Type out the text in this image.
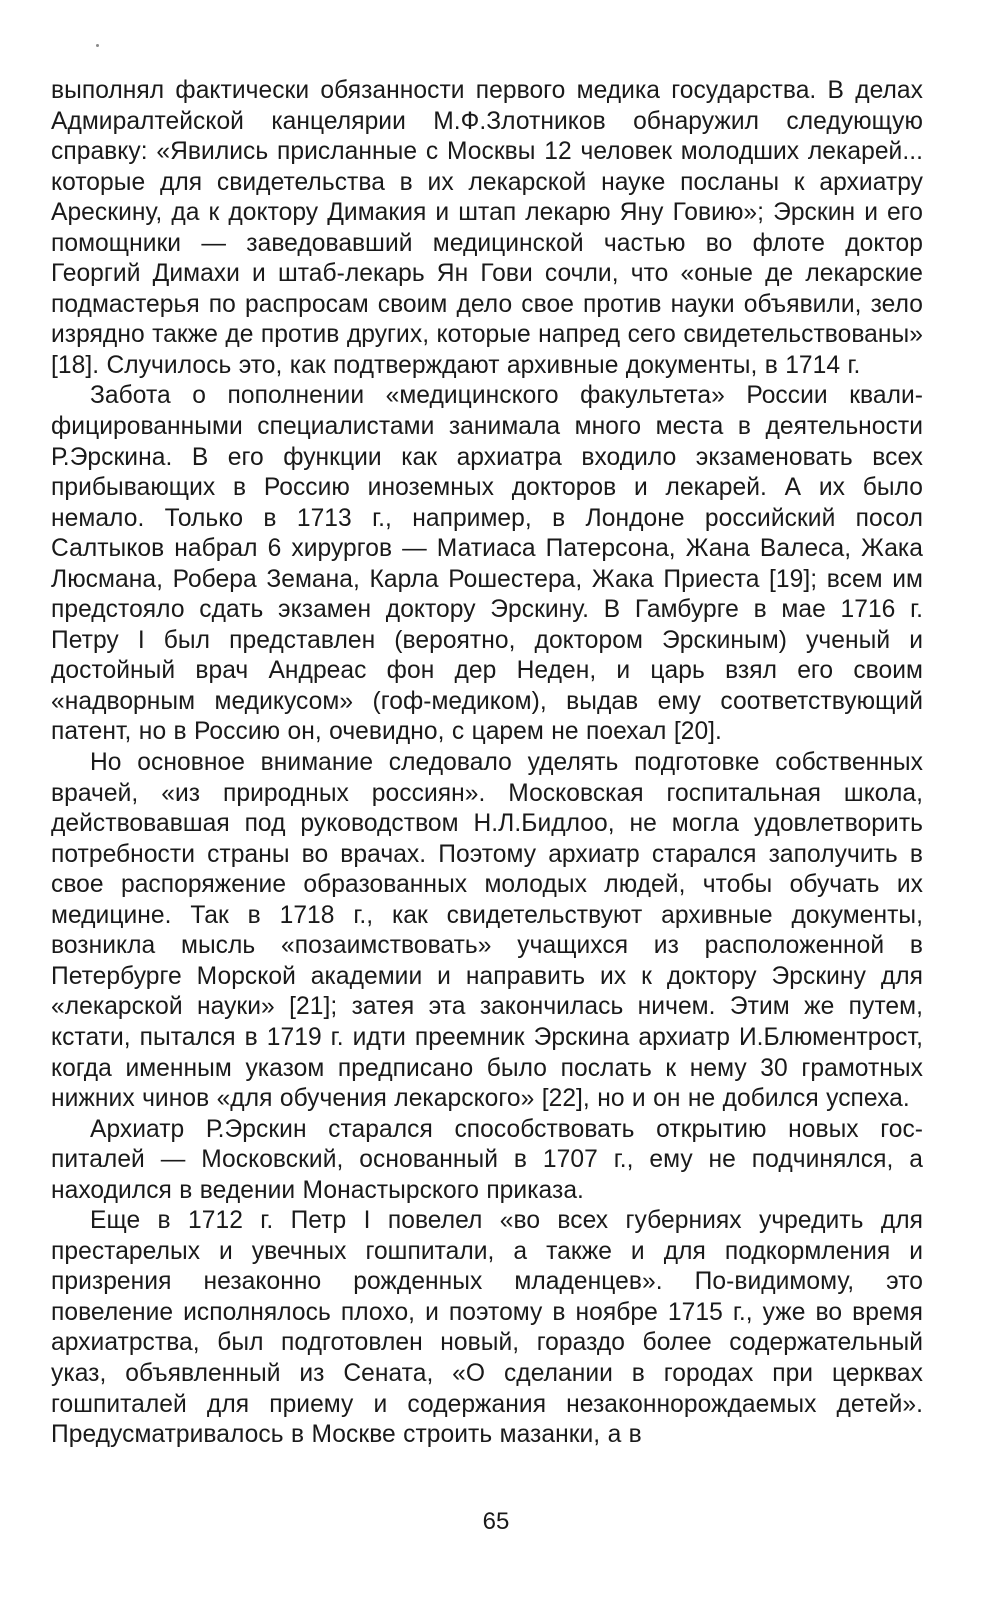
выполнял фактически обязанности первого медика государства. В делах Адмиралтейской канцелярии М.Ф.Злотников обнаружил следующую справку: «Явились присланные с Москвы 12 человек молодших лекарей... которые для свидетельства в их лекарской науке посланы к архиатру Арескину, да к доктору Димакия и штап лекарю Яну Говию»; Эрскин и его помощники — заведовавший медицинской частью во флоте доктор Георгий Димахи и штаб-лекарь Ян Гови сочли, что «оные де лекарские подмастерья по распросам своим дело свое против науки объявили, зело изрядно также де против других, которые напред сего свидетельствованы» [18]. Случилось это, как подтверждают архивные документы, в 1714 г.

Забота о пополнении «медицинского факультета» России квалифицированными специалистами занимала много места в деятельности Р.Эрскина. В его функции как архиатра входило экзаменовать всех прибывающих в Россию иноземных докторов и лекарей. А их было немало. Только в 1713 г., например, в Лондоне российский посол Салтыков набрал 6 хирургов — Матиаса Патерсона, Жана Валеса, Жака Люсмана, Робера Земана, Карла Рошестера, Жака Приеста [19]; всем им предстояло сдать экзамен доктору Эрскину. В Гамбурге в мае 1716 г. Петру I был представлен (вероятно, доктором Эрскиным) ученый и достойный врач Андреас фон дер Неден, и царь взял его своим «надворным медикусом» (гоф-медиком), выдав ему соответствующий патент, но в Россию он, очевидно, с царем не поехал [20].

Но основное внимание следовало уделять подготовке собственных врачей, «из природных россиян». Московская госпитальная школа, действовавшая под руководством Н.Л.Бидлоо, не могла удовлетворить потребности страны во врачах. Поэтому архиатр старался заполучить в свое распоряжение образованных молодых людей, чтобы обучать их медицине. Так в 1718 г., как свидетельствуют архивные документы, возникла мысль «позаимствовать» учащихся из расположенной в Петербурге Морской академии и направить их к доктору Эрскину для «лекарской науки» [21]; затея эта закончилась ничем. Этим же путем, кстати, пытался в 1719 г. идти преемник Эрскина архиатр И.Блюментрост, когда именным указом предписано было послать к нему 30 грамотных нижних чинов «для обучения лекарского» [22], но и он не добился успеха.

Архиатр Р.Эрскин старался способствовать открытию новых госпиталей — Московский, основанный в 1707 г., ему не подчинялся, а находился в ведении Монастырского приказа.

Еще в 1712 г. Петр I повелел «во всех губерниях учредить для престарелых и увечных гошпитали, а также и для подкормления и призрения незаконно рожденных младенцев». По-видимому, это повеление исполнялось плохо, и поэтому в ноябре 1715 г., уже во время архиатрства, был подготовлен новый, гораздо более содержательный указ, объявленный из Сената, «О сделании в городах при церквах гошпиталей для приему и содержания незаконнорождаемых детей». Предусматривалось в Москве строить мазанки, а в

65
